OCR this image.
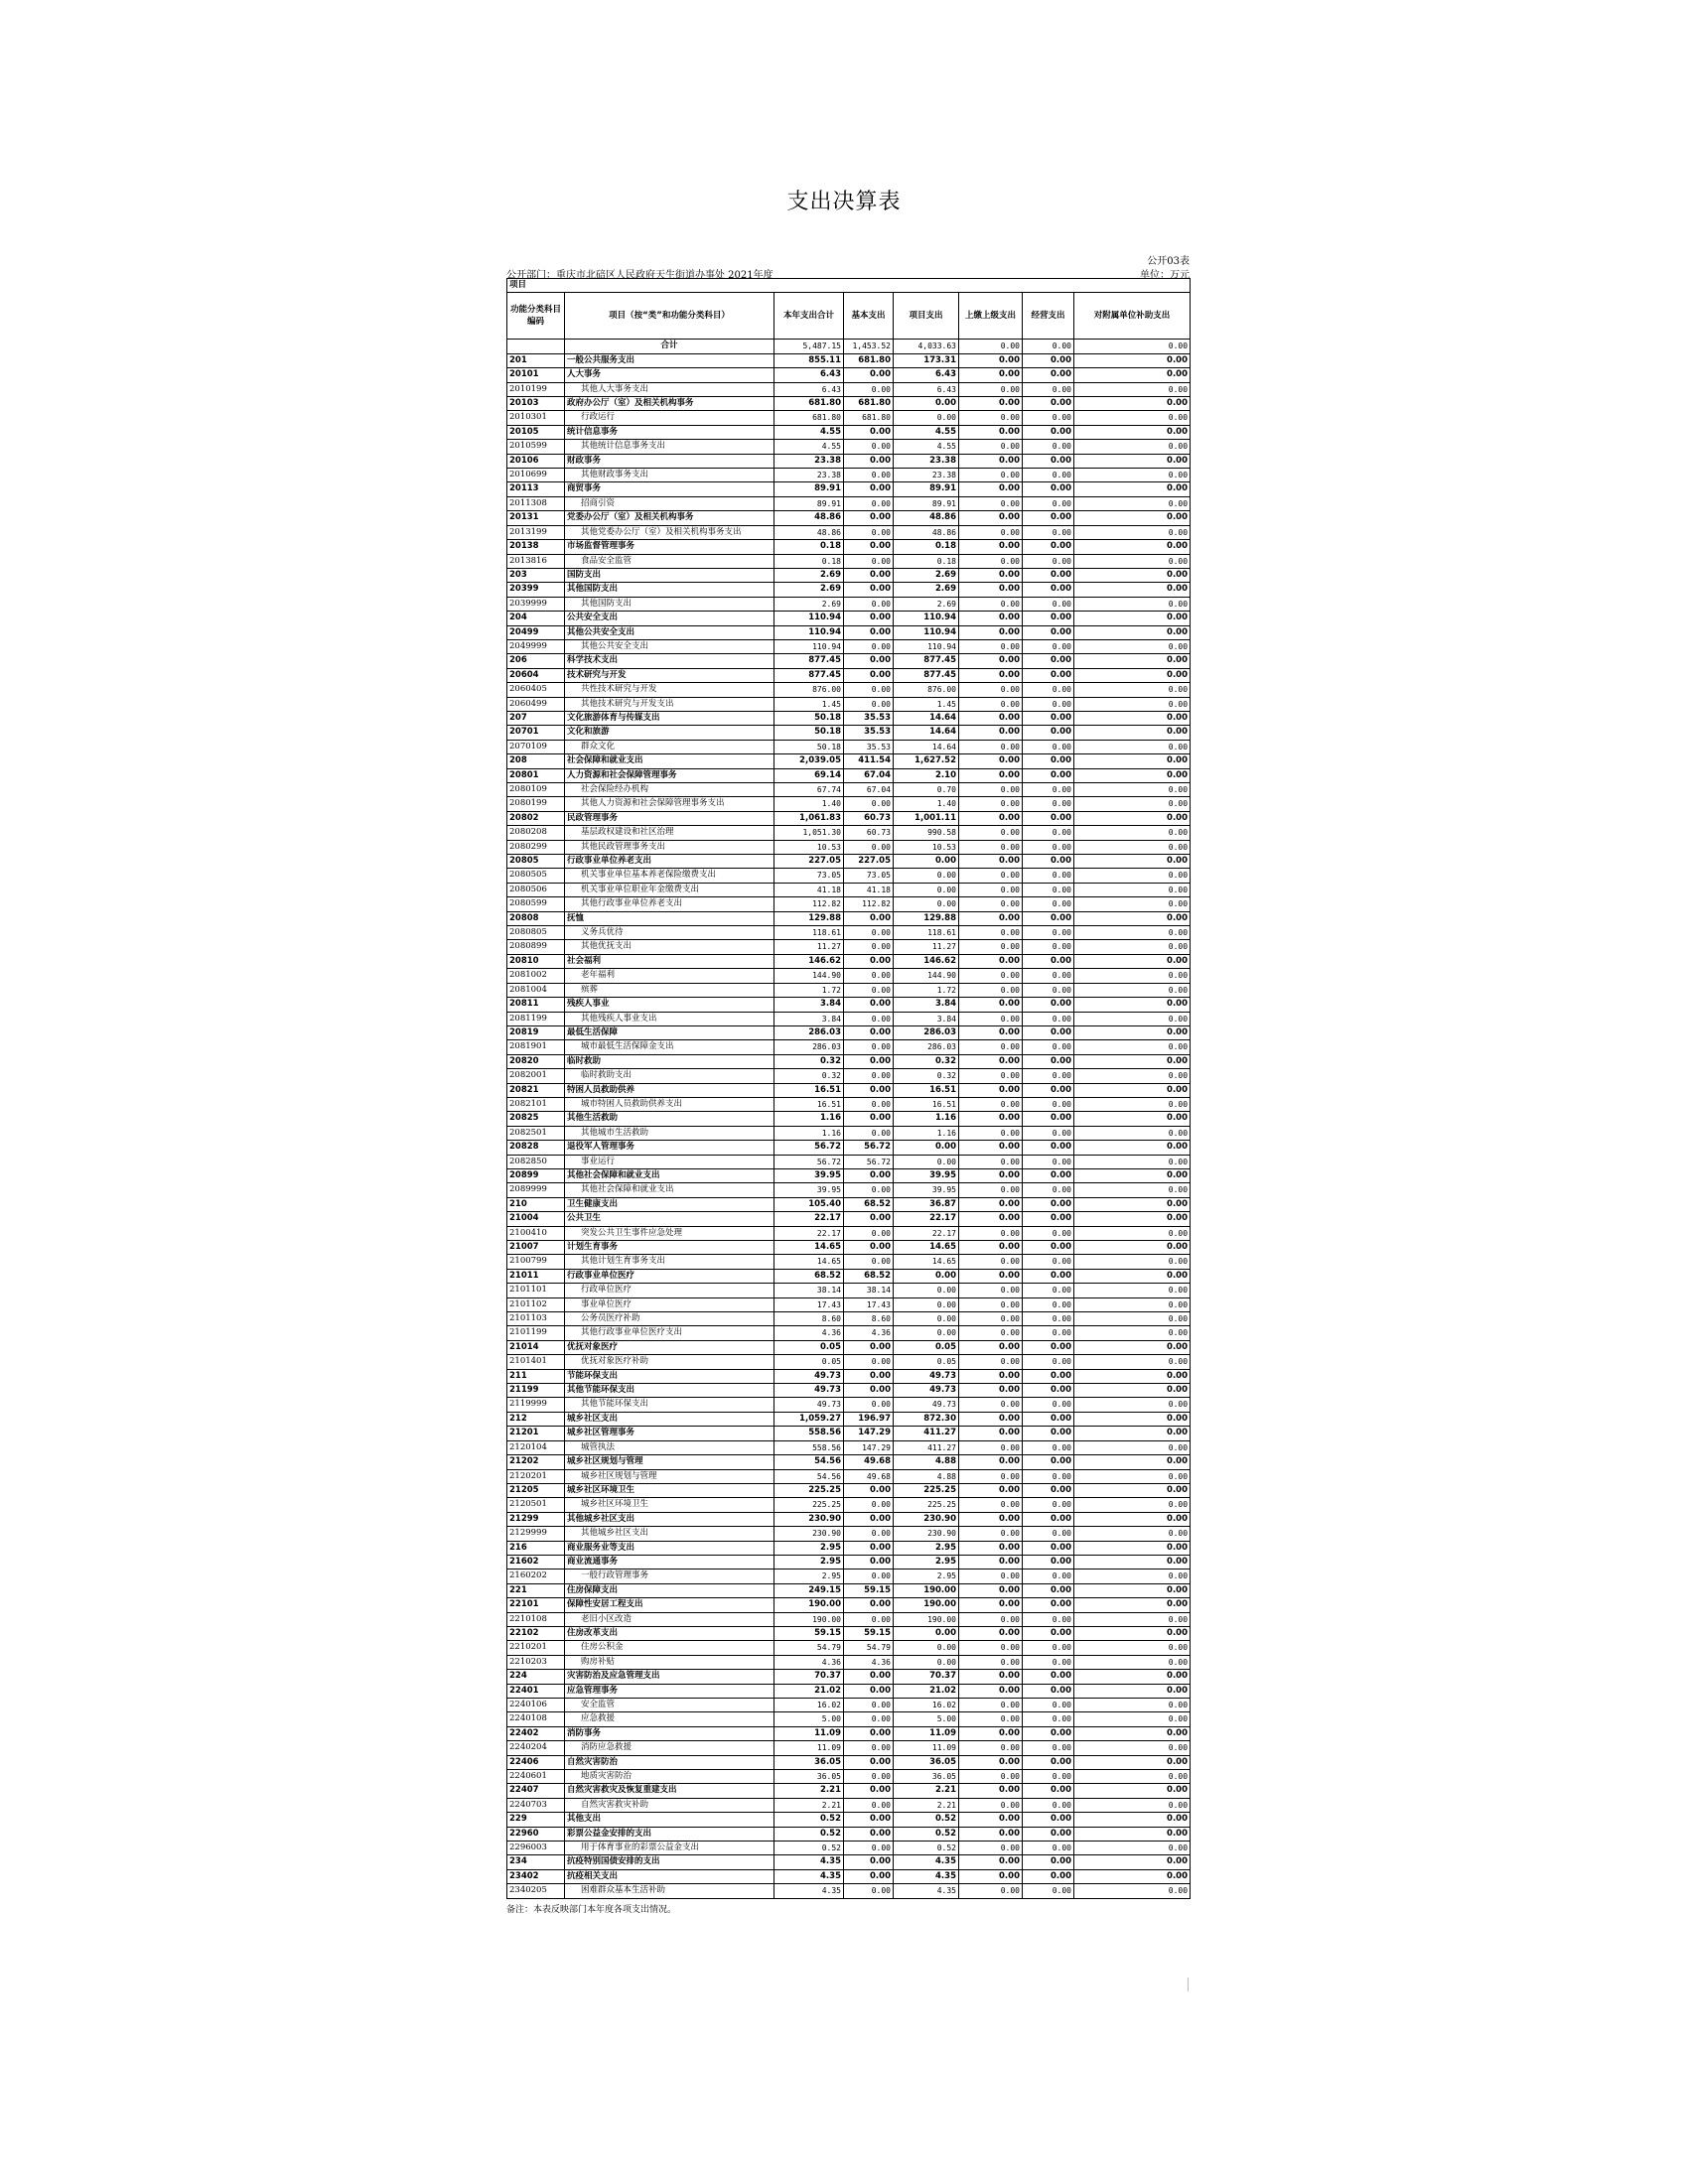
支出决算表
公开03表
单位：万元
公开部门：重庆市北碚区人民政府天生街道办事处 2021年度
项目							
功能分类科目编码	项目（按“类”和功能分类科目）	本年支出合计	基本支出	项目支出	上缴上级支出	经营支出	对附属单位补助支出
	合计	5,487.15	1,453.52	4,033.63	0.00	0.00	0.00
201	一般公共服务支出	855.11	681.80	173.31	0.00	0.00	0.00
20101	人大事务	6.43	0.00	6.43	0.00	0.00	0.00
2010199	其他人大事务支出	6.43	0.00	6.43	0.00	0.00	0.00
20103	政府办公厅（室）及相关机构事务	681.80	681.80	0.00	0.00	0.00	0.00
2010301	行政运行	681.80	681.80	0.00	0.00	0.00	0.00
20105	统计信息事务	4.55	0.00	4.55	0.00	0.00	0.00
2010599	其他统计信息事务支出	4.55	0.00	4.55	0.00	0.00	0.00
20106	财政事务	23.38	0.00	23.38	0.00	0.00	0.00
2010699	其他财政事务支出	23.38	0.00	23.38	0.00	0.00	0.00
20113	商贸事务	89.91	0.00	89.91	0.00	0.00	0.00
2011308	招商引资	89.91	0.00	89.91	0.00	0.00	0.00
20131	党委办公厅（室）及相关机构事务	48.86	0.00	48.86	0.00	0.00	0.00
2013199	其他党委办公厅（室）及相关机构事务支出	48.86	0.00	48.86	0.00	0.00	0.00
20138	市场监督管理事务	0.18	0.00	0.18	0.00	0.00	0.00
2013816	食品安全监管	0.18	0.00	0.18	0.00	0.00	0.00
203	国防支出	2.69	0.00	2.69	0.00	0.00	0.00
20399	其他国防支出	2.69	0.00	2.69	0.00	0.00	0.00
2039999	其他国防支出	2.69	0.00	2.69	0.00	0.00	0.00
204	公共安全支出	110.94	0.00	110.94	0.00	0.00	0.00
20499	其他公共安全支出	110.94	0.00	110.94	0.00	0.00	0.00
2049999	其他公共安全支出	110.94	0.00	110.94	0.00	0.00	0.00
206	科学技术支出	877.45	0.00	877.45	0.00	0.00	0.00
20604	技术研究与开发	877.45	0.00	877.45	0.00	0.00	0.00
2060405	共性技术研究与开发	876.00	0.00	876.00	0.00	0.00	0.00
2060499	其他技术研究与开发支出	1.45	0.00	1.45	0.00	0.00	0.00
207	文化旅游体育与传媒支出	50.18	35.53	14.64	0.00	0.00	0.00
20701	文化和旅游	50.18	35.53	14.64	0.00	0.00	0.00
2070109	群众文化	50.18	35.53	14.64	0.00	0.00	0.00
208	社会保障和就业支出	2,039.05	411.54	1,627.52	0.00	0.00	0.00
20801	人力资源和社会保障管理事务	69.14	67.04	2.10	0.00	0.00	0.00
2080109	社会保险经办机构	67.74	67.04	0.70	0.00	0.00	0.00
2080199	其他人力资源和社会保障管理事务支出	1.40	0.00	1.40	0.00	0.00	0.00
20802	民政管理事务	1,061.83	60.73	1,001.11	0.00	0.00	0.00
2080208	基层政权建设和社区治理	1,051.30	60.73	990.58	0.00	0.00	0.00
2080299	其他民政管理事务支出	10.53	0.00	10.53	0.00	0.00	0.00
20805	行政事业单位养老支出	227.05	227.05	0.00	0.00	0.00	0.00
2080505	机关事业单位基本养老保险缴费支出	73.05	73.05	0.00	0.00	0.00	0.00
2080506	机关事业单位职业年金缴费支出	41.18	41.18	0.00	0.00	0.00	0.00
2080599	其他行政事业单位养老支出	112.82	112.82	0.00	0.00	0.00	0.00
20808	抚恤	129.88	0.00	129.88	0.00	0.00	0.00
2080805	义务兵优待	118.61	0.00	118.61	0.00	0.00	0.00
2080899	其他优抚支出	11.27	0.00	11.27	0.00	0.00	0.00
20810	社会福利	146.62	0.00	146.62	0.00	0.00	0.00
2081002	老年福利	144.90	0.00	144.90	0.00	0.00	0.00
2081004	殡葬	1.72	0.00	1.72	0.00	0.00	0.00
20811	残疾人事业	3.84	0.00	3.84	0.00	0.00	0.00
2081199	其他残疾人事业支出	3.84	0.00	3.84	0.00	0.00	0.00
20819	最低生活保障	286.03	0.00	286.03	0.00	0.00	0.00
2081901	城市最低生活保障金支出	286.03	0.00	286.03	0.00	0.00	0.00
20820	临时救助	0.32	0.00	0.32	0.00	0.00	0.00
2082001	临时救助支出	0.32	0.00	0.32	0.00	0.00	0.00
20821	特困人员救助供养	16.51	0.00	16.51	0.00	0.00	0.00
2082101	城市特困人员救助供养支出	16.51	0.00	16.51	0.00	0.00	0.00
20825	其他生活救助	1.16	0.00	1.16	0.00	0.00	0.00
2082501	其他城市生活救助	1.16	0.00	1.16	0.00	0.00	0.00
20828	退役军人管理事务	56.72	56.72	0.00	0.00	0.00	0.00
2082850	事业运行	56.72	56.72	0.00	0.00	0.00	0.00
20899	其他社会保障和就业支出	39.95	0.00	39.95	0.00	0.00	0.00
2089999	其他社会保障和就业支出	39.95	0.00	39.95	0.00	0.00	0.00
210	卫生健康支出	105.40	68.52	36.87	0.00	0.00	0.00
21004	公共卫生	22.17	0.00	22.17	0.00	0.00	0.00
2100410	突发公共卫生事件应急处理	22.17	0.00	22.17	0.00	0.00	0.00
21007	计划生育事务	14.65	0.00	14.65	0.00	0.00	0.00
2100799	其他计划生育事务支出	14.65	0.00	14.65	0.00	0.00	0.00
21011	行政事业单位医疗	68.52	68.52	0.00	0.00	0.00	0.00
2101101	行政单位医疗	38.14	38.14	0.00	0.00	0.00	0.00
2101102	事业单位医疗	17.43	17.43	0.00	0.00	0.00	0.00
2101103	公务员医疗补助	8.60	8.60	0.00	0.00	0.00	0.00
2101199	其他行政事业单位医疗支出	4.36	4.36	0.00	0.00	0.00	0.00
21014	优抚对象医疗	0.05	0.00	0.05	0.00	0.00	0.00
2101401	优抚对象医疗补助	0.05	0.00	0.05	0.00	0.00	0.00
211	节能环保支出	49.73	0.00	49.73	0.00	0.00	0.00
21199	其他节能环保支出	49.73	0.00	49.73	0.00	0.00	0.00
2119999	其他节能环保支出	49.73	0.00	49.73	0.00	0.00	0.00
212	城乡社区支出	1,059.27	196.97	872.30	0.00	0.00	0.00
21201	城乡社区管理事务	558.56	147.29	411.27	0.00	0.00	0.00
2120104	城管执法	558.56	147.29	411.27	0.00	0.00	0.00
21202	城乡社区规划与管理	54.56	49.68	4.88	0.00	0.00	0.00
2120201	城乡社区规划与管理	54.56	49.68	4.88	0.00	0.00	0.00
21205	城乡社区环境卫生	225.25	0.00	225.25	0.00	0.00	0.00
2120501	城乡社区环境卫生	225.25	0.00	225.25	0.00	0.00	0.00
21299	其他城乡社区支出	230.90	0.00	230.90	0.00	0.00	0.00
2129999	其他城乡社区支出	230.90	0.00	230.90	0.00	0.00	0.00
216	商业服务业等支出	2.95	0.00	2.95	0.00	0.00	0.00
21602	商业流通事务	2.95	0.00	2.95	0.00	0.00	0.00
2160202	一般行政管理事务	2.95	0.00	2.95	0.00	0.00	0.00
221	住房保障支出	249.15	59.15	190.00	0.00	0.00	0.00
22101	保障性安居工程支出	190.00	0.00	190.00	0.00	0.00	0.00
2210108	老旧小区改造	190.00	0.00	190.00	0.00	0.00	0.00
22102	住房改革支出	59.15	59.15	0.00	0.00	0.00	0.00
2210201	住房公积金	54.79	54.79	0.00	0.00	0.00	0.00
2210203	购房补贴	4.36	4.36	0.00	0.00	0.00	0.00
224	灾害防治及应急管理支出	70.37	0.00	70.37	0.00	0.00	0.00
22401	应急管理事务	21.02	0.00	21.02	0.00	0.00	0.00
2240106	安全监管	16.02	0.00	16.02	0.00	0.00	0.00
2240108	应急救援	5.00	0.00	5.00	0.00	0.00	0.00
22402	消防事务	11.09	0.00	11.09	0.00	0.00	0.00
2240204	消防应急救援	11.09	0.00	11.09	0.00	0.00	0.00
22406	自然灾害防治	36.05	0.00	36.05	0.00	0.00	0.00
2240601	地质灾害防治	36.05	0.00	36.05	0.00	0.00	0.00
22407	自然灾害救灾及恢复重建支出	2.21	0.00	2.21	0.00	0.00	0.00
2240703	自然灾害救灾补助	2.21	0.00	2.21	0.00	0.00	0.00
229	其他支出	0.52	0.00	0.52	0.00	0.00	0.00
22960	彩票公益金安排的支出	0.52	0.00	0.52	0.00	0.00	0.00
2296003	用于体育事业的彩票公益金支出	0.52	0.00	0.52	0.00	0.00	0.00
234	抗疫特别国债安排的支出	4.35	0.00	4.35	0.00	0.00	0.00
23402	抗疫相关支出	4.35	0.00	4.35	0.00	0.00	0.00
2340205	困难群众基本生活补助	4.35	0.00	4.35	0.00	0.00	0.00
备注：本表反映部门本年度各项支出情况。
